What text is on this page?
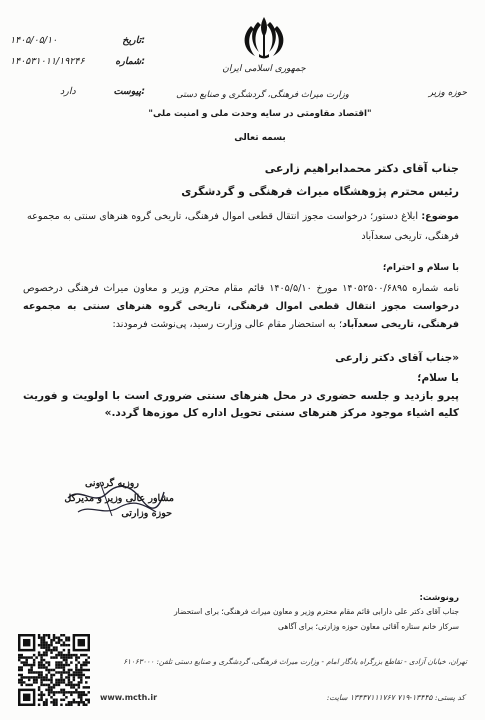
۱۴۰۵/۰۵/۱۰	تاریخ:
۱۴۰۵۳۱۰۱۱/۱۹۲۴۶	شماره:
دارد	پیوست:
جمهوری اسلامی ایران
وزارت میراث فرهنگی، گردشگری و صنایع دستی	حوزه وزیر
"اقتصاد مقاومتی در سایه وحدت ملی و امنیت ملی"
بسمه تعالی
جناب آقای دکتر محمدابراهیم زارعی
رئیس محترم پژوهشگاه میراث فرهنگی و گردشگری
موضوع: ابلاغ دستور؛ درخواست مجوز انتقال قطعی اموال فرهنگی، تاریخی گروه هنرهای سنتی به مجموعه فرهنگی، تاریخی سعدآباد
با سلام و احترام؛
نامه شماره ۱۴۰۵۲۵۰۰/۶۸۹۵ مورخ ۱۴۰۵/۵/۱۰ قائم مقام محترم وزیر و معاون میراث فرهنگی درخصوص درخواست مجوز انتقال قطعی اموال فرهنگی، تاریخی گروه هنرهای سنتی به مجموعه فرهنگی، تاریخی سعدآباد؛ به استحضار مقام عالی وزارت رسید، پی‌نوشت فرمودند:
«جناب آقای دکتر زارعی
با سلام؛
پیرو بازدید و جلسه حضوری در محل هنرهای سنتی ضروری است با اولویت و فوریت کلیه اشیاء موجود مرکز هنرهای سنتی تحویل اداره کل موزه‌ها گردد.»
روزبه گردونی
مشاور عالی وزیر و مدیرکل
حوزه وزارتی
رونوشت:
جناب آقای دکتر علی دارابی قائم مقام محترم وزیر و معاون میراث فرهنگی؛ برای استحضار
سرکار خانم ستاره آقائی معاون حوزه وزارتی؛ برای آگاهی
تهران، خیابان آزادی - تقاطع بزرگراه یادگار امام - وزارت میراث فرهنگی، گردشگری و صنایع دستی تلفن: ۶۱۰۶۳۰۰۰
www.mcth.ir	کد پستی: ۱۳۴۴۵-۷۱۹ ۱۳۴۳۷۱۱۱۷۶۷ سایت:
